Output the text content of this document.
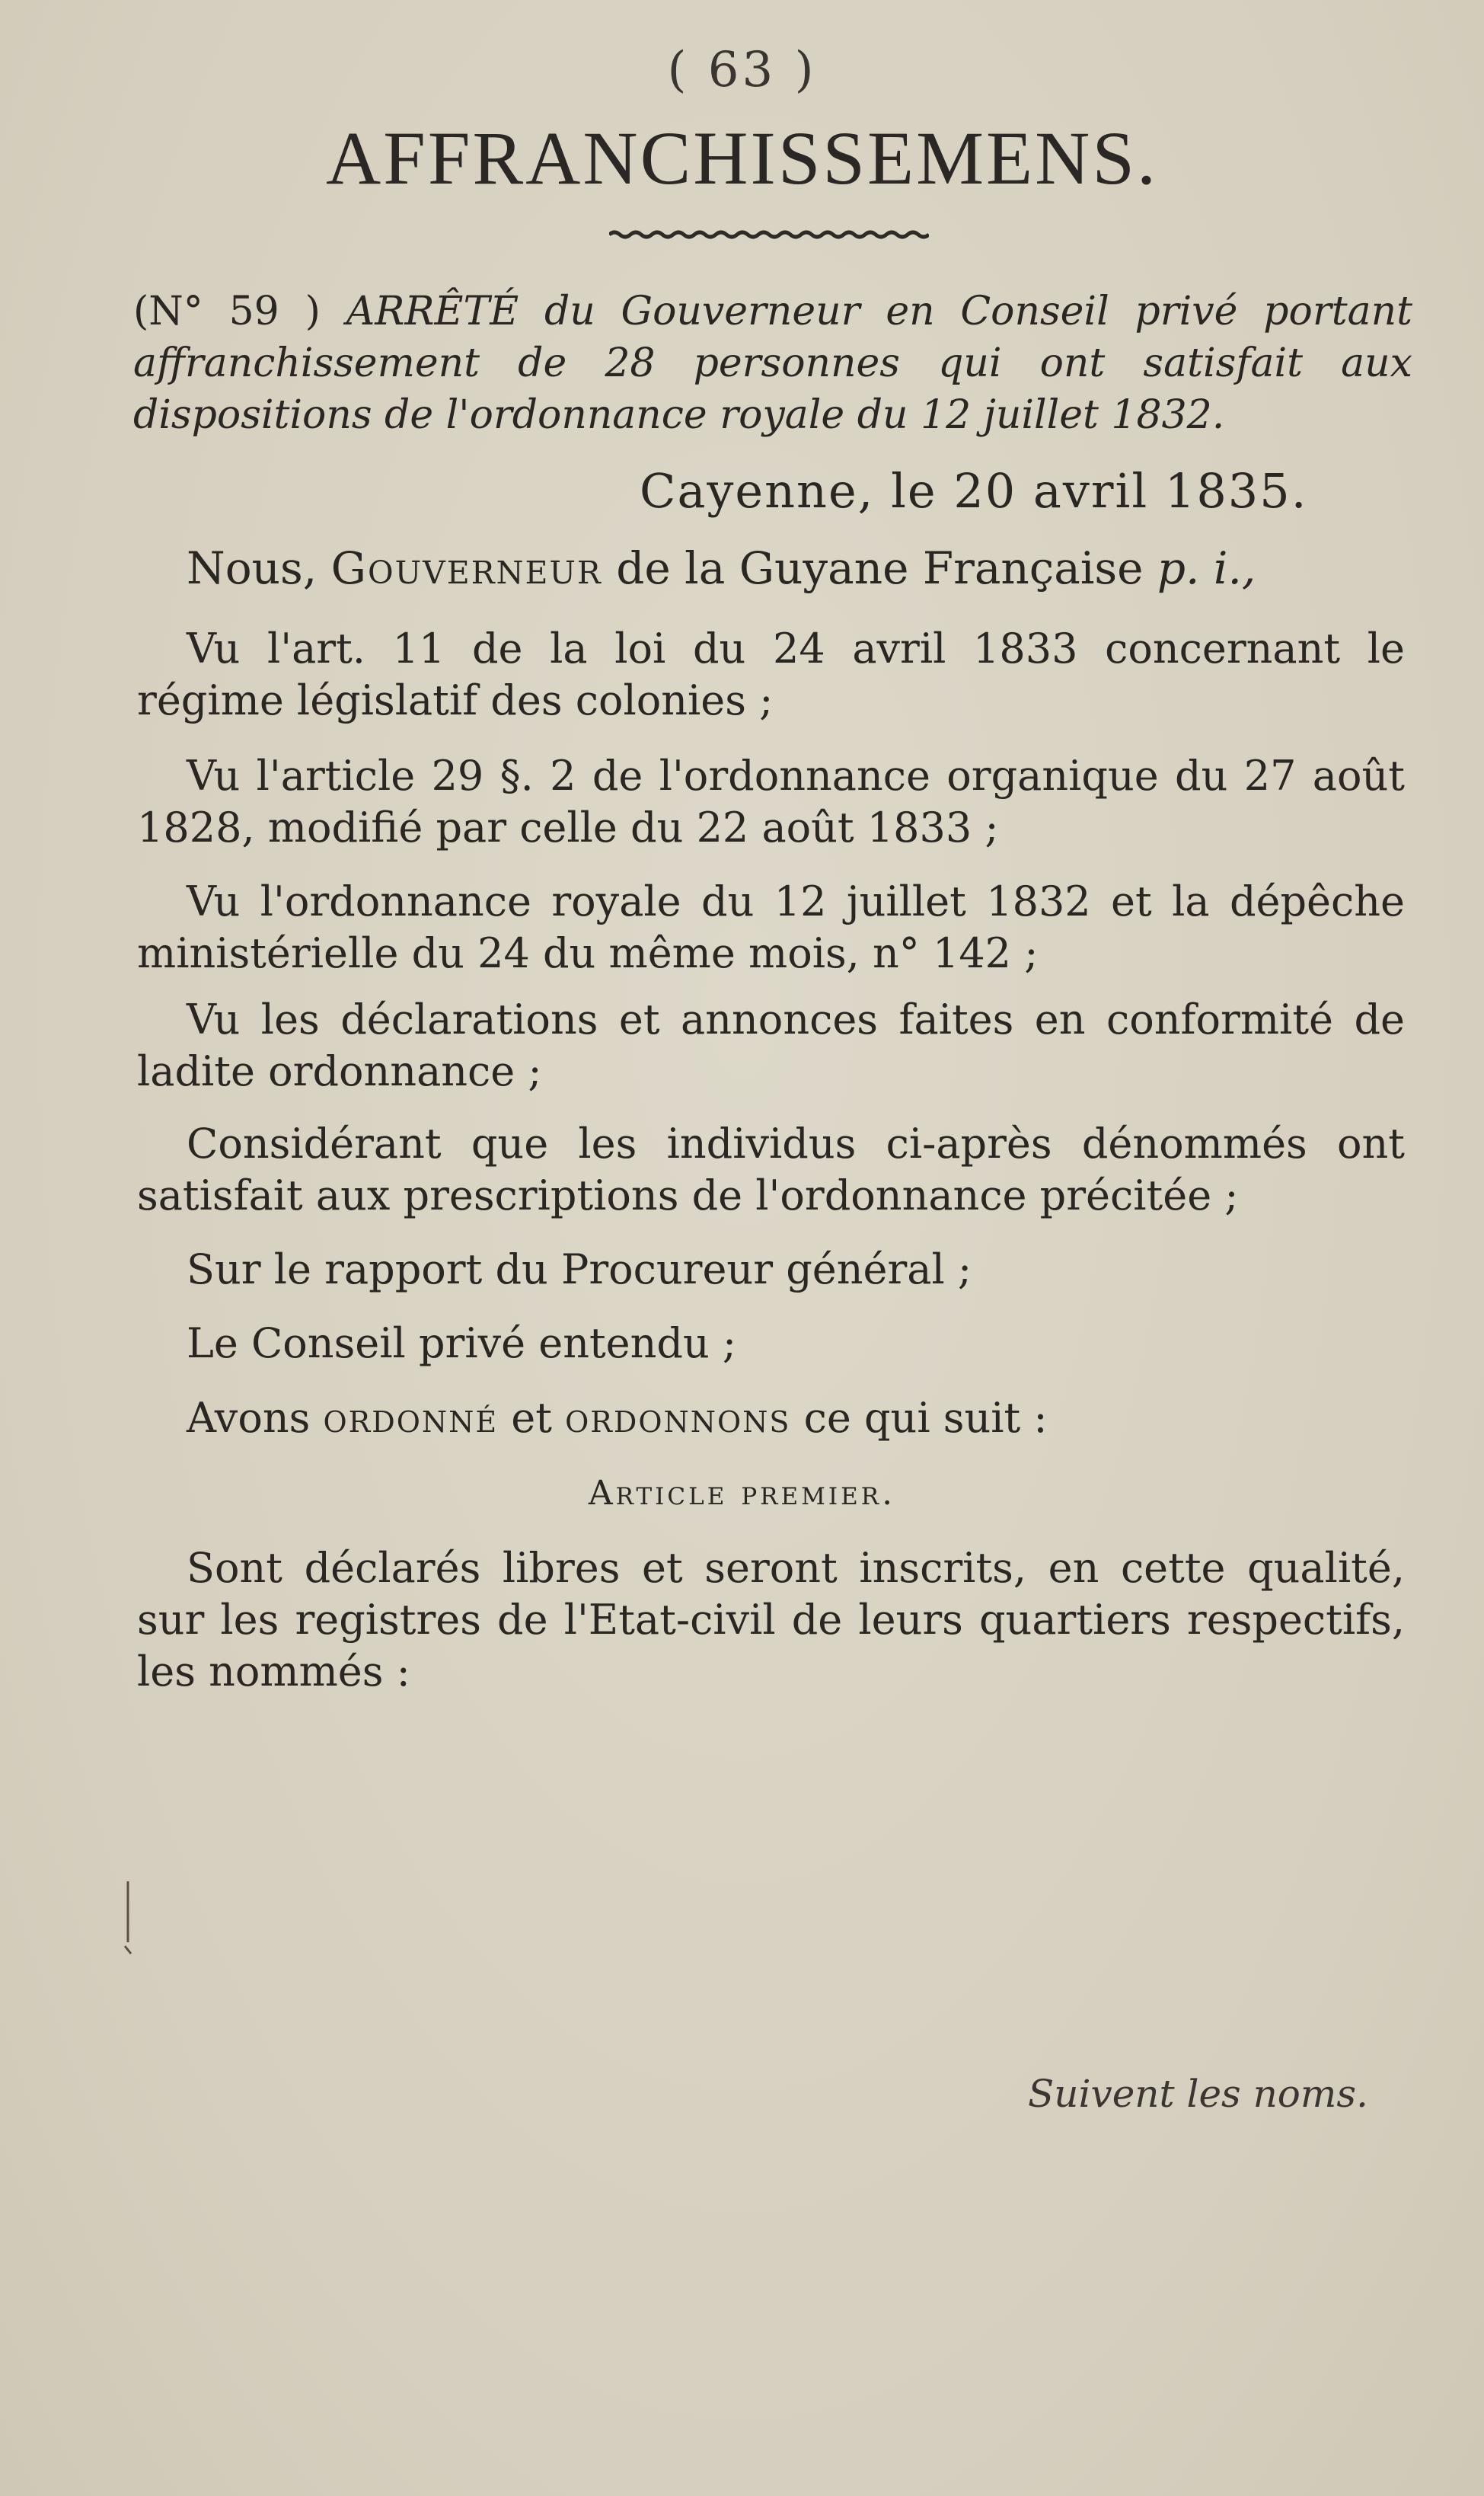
( 63 )
AFFRANCHISSEMENS.
(N° 59 ) ARRÊTÉ du Gouverneur en Conseil privé portant affranchissement de 28 personnes qui ont satisfait aux dispositions de l'ordonnance royale du 12 juillet 1832.
Cayenne, le 20 avril 1835.

Nous, Gouverneur de la Guyane Française p. i.,

Vu l'art. 11 de la loi du 24 avril 1833 concernant le régime législatif des colonies ;

Vu l'article 29 §. 2 de l'ordonnance organique du 27 août 1828, modifié par celle du 22 août 1833 ;

Vu l'ordonnance royale du 12 juillet 1832 et la dépêche ministérielle du 24 du même mois, n° 142 ;

Vu les déclarations et annonces faites en conformité de ladite ordonnance ;

Considérant que les individus ci-après dénommés ont satisfait aux prescriptions de l'ordonnance précitée ;

Sur le rapport du Procureur général ;

Le Conseil privé entendu ;

Avons ordonné et ordonnons ce qui suit :

Article premier.

Sont déclarés libres et seront inscrits, en cette qualité, sur les registres de l'Etat-civil de leurs quartiers respectifs, les nommés :

Suivent les noms.
